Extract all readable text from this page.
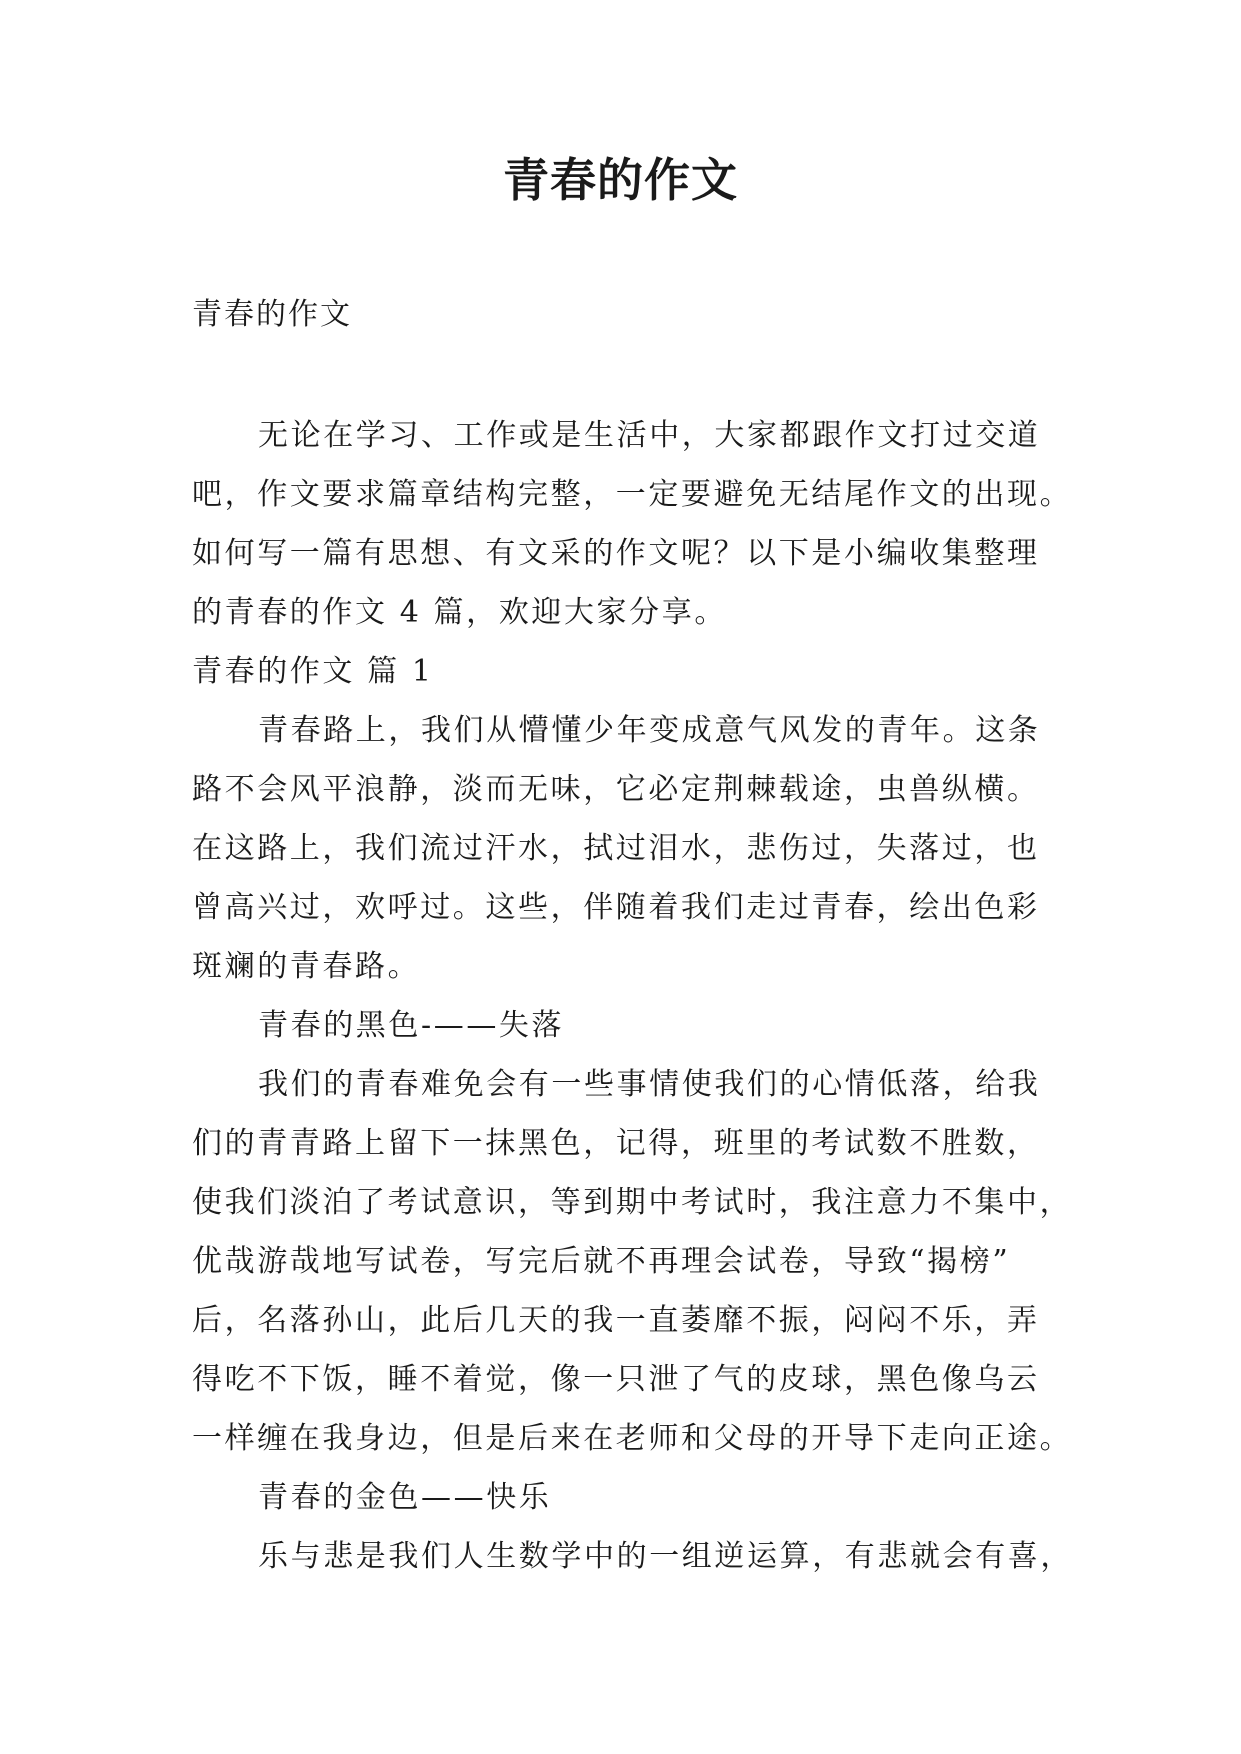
青春的作文

青春的作文

无论在学习、工作或是生活中，大家都跟作文打过交道

吧，作文要求篇章结构完整，一定要避免无结尾作文的出现。

如何写一篇有思想、有文采的作文呢？以下是小编收集整理

的青春的作文 4 篇，欢迎大家分享。

青春的作文 篇 1

青春路上，我们从懵懂少年变成意气风发的青年。这条

路不会风平浪静，淡而无味，它必定荆棘载途，虫兽纵横。

在这路上，我们流过汗水，拭过泪水，悲伤过，失落过，也

曾高兴过，欢呼过。这些，伴随着我们走过青春，绘出色彩

斑斓的青春路。

青春的黑色-——失落

我们的青春难免会有一些事情使我们的心情低落，给我

们的青青路上留下一抹黑色，记得，班里的考试数不胜数，

使我们淡泊了考试意识，等到期中考试时，我注意力不集中，

优哉游哉地写试卷，写完后就不再理会试卷，导致“揭榜”

后，名落孙山，此后几天的我一直萎靡不振，闷闷不乐，弄

得吃不下饭，睡不着觉，像一只泄了气的皮球，黑色像乌云

一样缠在我身边，但是后来在老师和父母的开导下走向正途。

青春的金色——快乐

乐与悲是我们人生数学中的一组逆运算，有悲就会有喜，
